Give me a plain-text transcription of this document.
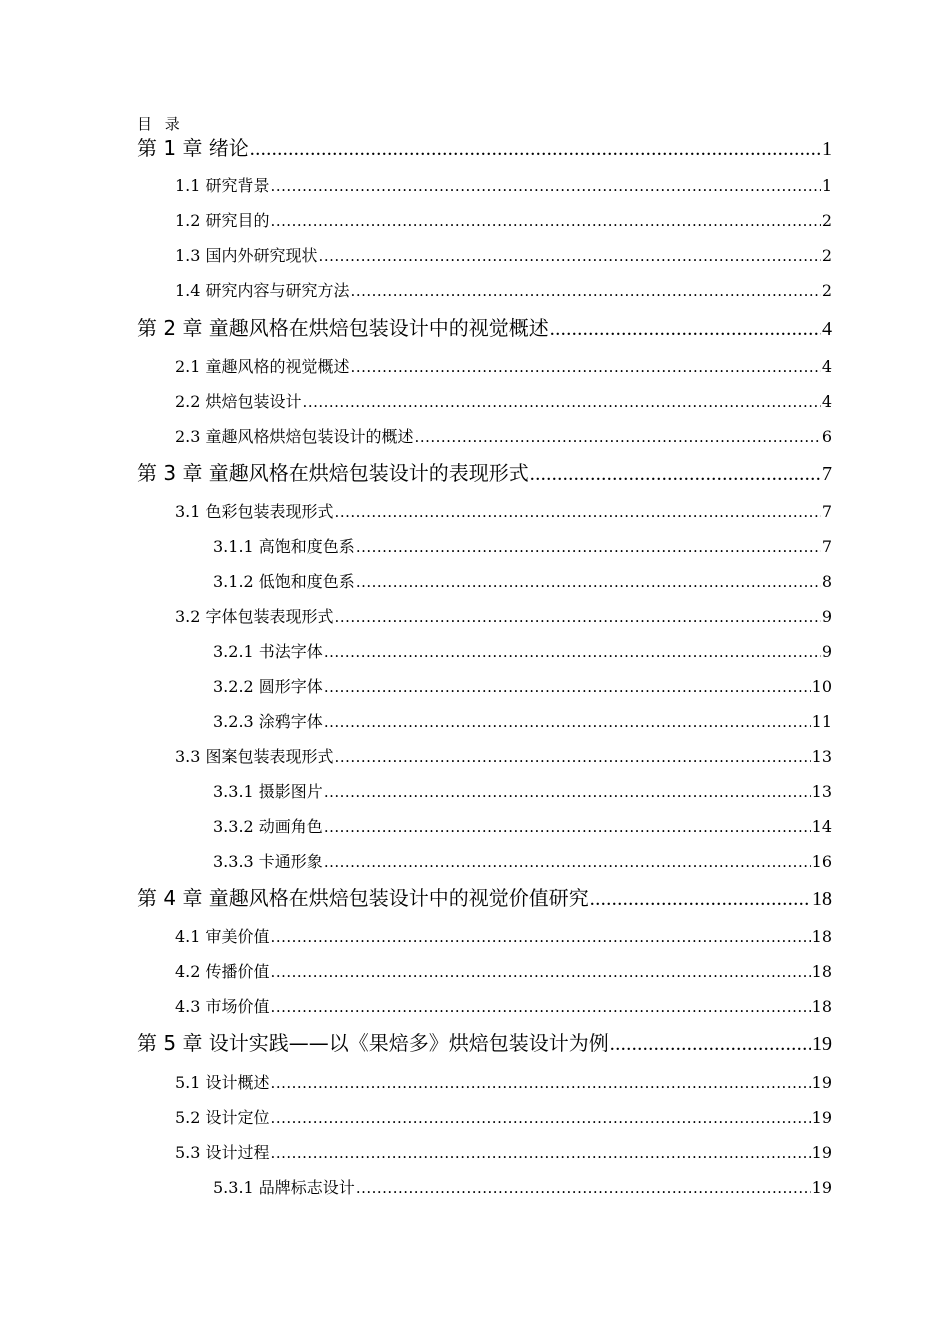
目 录
第 1 章 绪论 .....	1
1.1 研究背景 .....	1
1.2 研究目的 .....	2
1.3 国内外研究现状 .....	2
1.4 研究内容与研究方法 .....	2
第 2 章 童趣风格在烘焙包装设计中的视觉概述 .....	4
2.1 童趣风格的视觉概述 .....	4
2.2 烘焙包装设计 .....	4
2.3 童趣风格烘焙包装设计的概述 .....	6
第 3 章 童趣风格在烘焙包装设计的表现形式 .....	7
3.1 色彩包装表现形式 .....	7
3.1.1 高饱和度色系 .....	7
3.1.2 低饱和度色系 .....	8
3.2 字体包装表现形式 .....	9
3.2.1 书法字体 .....	9
3.2.2 圆形字体 .....	10
3.2.3 涂鸦字体 .....	11
3.3 图案包装表现形式 .....	13
3.3.1 摄影图片 .....	13
3.3.2 动画角色 .....	14
3.3.3 卡通形象 .....	16
第 4 章 童趣风格在烘焙包装设计中的视觉价值研究 .....	18
4.1 审美价值 .....	18
4.2 传播价值 .....	18
4.3 市场价值 .....	18
第 5 章 设计实践——以《果焙多》烘焙包装设计为例 .....	19
5.1 设计概述 .....	19
5.2 设计定位 .....	19
5.3 设计过程 .....	19
5.3.1 品牌标志设计 .....	19
